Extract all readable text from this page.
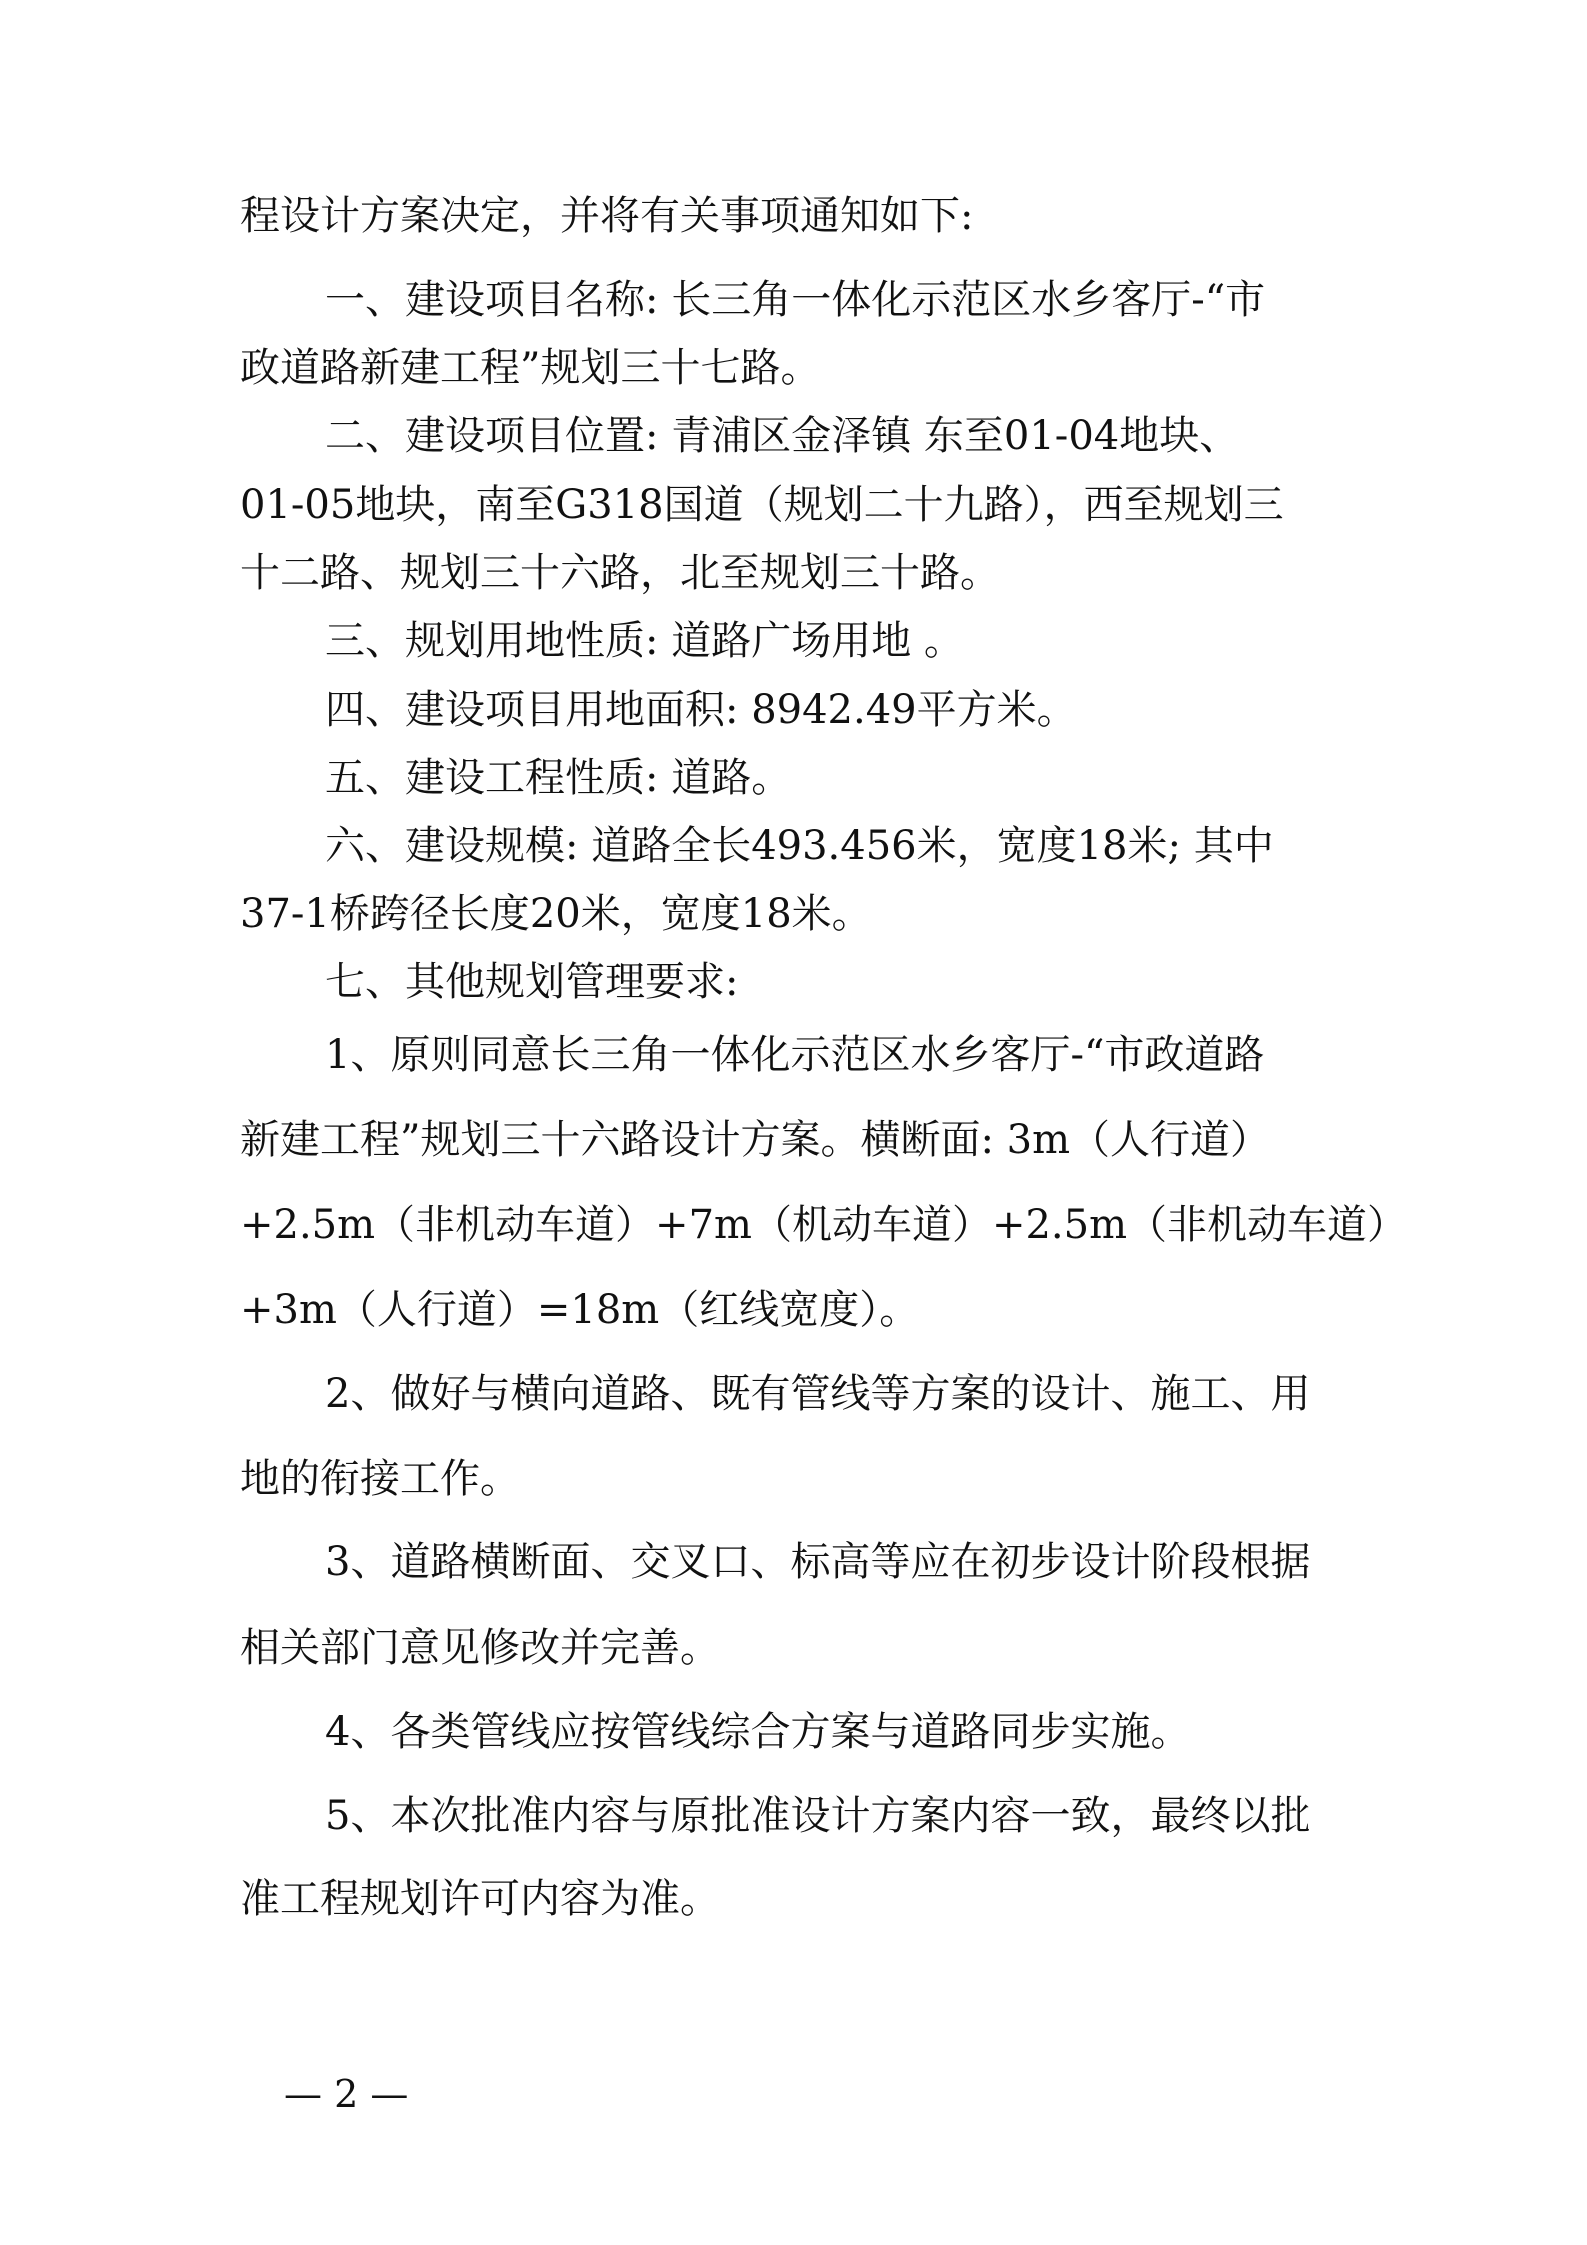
程设计方案决定，并将有关事项通知如下:
一、建设项目名称: 长三角一体化示范区水乡客厅-“市
政道路新建工程”规划三十七路。
二、建设项目位置: 青浦区金泽镇 东至01-04地块、
01-05地块，南至G318国道（规划二十九路），西至规划三
十二路、规划三十六路，北至规划三十路。
三、规划用地性质: 道路广场用地 。
四、建设项目用地面积: 8942.49平方米。
五、建设工程性质: 道路。
六、建设规模: 道路全长493.456米，宽度18米; 其中
37-1桥跨径长度20米，宽度18米。
七、其他规划管理要求:
1、原则同意长三角一体化示范区水乡客厅-“市政道路
新建工程”规划三十六路设计方案。横断面: 3m（人行道）
+2.5m（非机动车道）+7m（机动车道）+2.5m（非机动车道）
+3m（人行道）=18m（红线宽度）。
2、做好与横向道路、既有管线等方案的设计、施工、用
地的衔接工作。
3、道路横断面、交叉口、标高等应在初步设计阶段根据
相关部门意见修改并完善。
4、各类管线应按管线综合方案与道路同步实施。
5、本次批准内容与原批准设计方案内容一致，最终以批
准工程规划许可内容为准。
— 2 —
